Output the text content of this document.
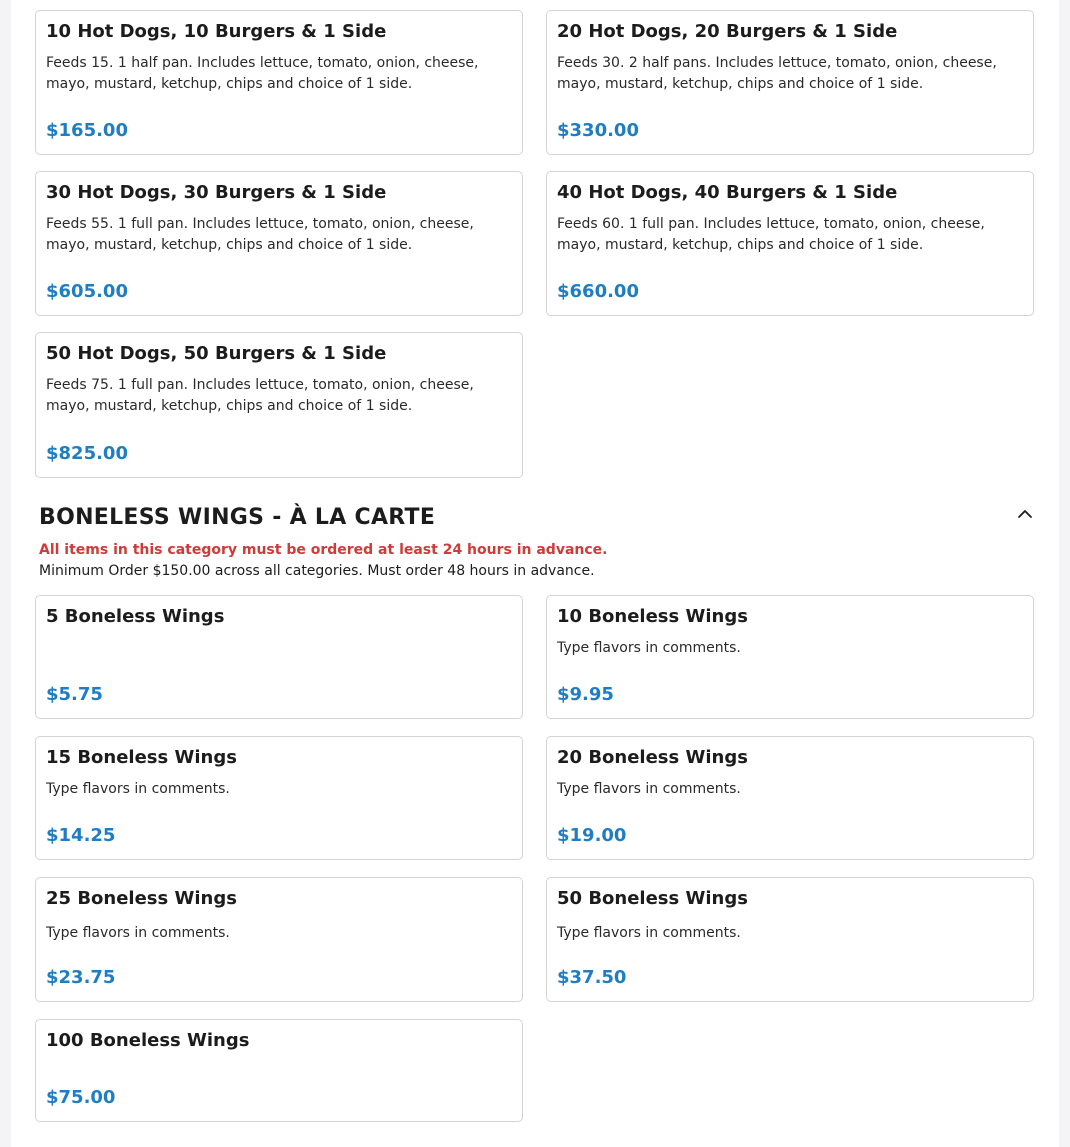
10 Hot Dogs, 10 Burgers & 1 Side
Feeds 15. 1 half pan. Includes lettuce, tomato, onion, cheese, mayo, mustard, ketchup, chips and choice of 1 side.
$165.00
20 Hot Dogs, 20 Burgers & 1 Side
Feeds 30. 2 half pans. Includes lettuce, tomato, onion, cheese, mayo, mustard, ketchup, chips and choice of 1 side.
$330.00
30 Hot Dogs, 30 Burgers & 1 Side
Feeds 55. 1 full pan. Includes lettuce, tomato, onion, cheese, mayo, mustard, ketchup, chips and choice of 1 side.
$605.00
40 Hot Dogs, 40 Burgers & 1 Side
Feeds 60. 1 full pan. Includes lettuce, tomato, onion, cheese, mayo, mustard, ketchup, chips and choice of 1 side.
$660.00
50 Hot Dogs, 50 Burgers & 1 Side
Feeds 75. 1 full pan. Includes lettuce, tomato, onion, cheese, mayo, mustard, ketchup, chips and choice of 1 side.
$825.00
BONELESS WINGS - À LA CARTE
All items in this category must be ordered at least 24 hours in advance.
Minimum Order $150.00 across all categories. Must order 48 hours in advance.
5 Boneless Wings
$5.75
10 Boneless Wings
Type flavors in comments.
$9.95
15 Boneless Wings
Type flavors in comments.
$14.25
20 Boneless Wings
Type flavors in comments.
$19.00
25 Boneless Wings
Type flavors in comments.
$23.75
50 Boneless Wings
Type flavors in comments.
$37.50
100 Boneless Wings
$75.00
